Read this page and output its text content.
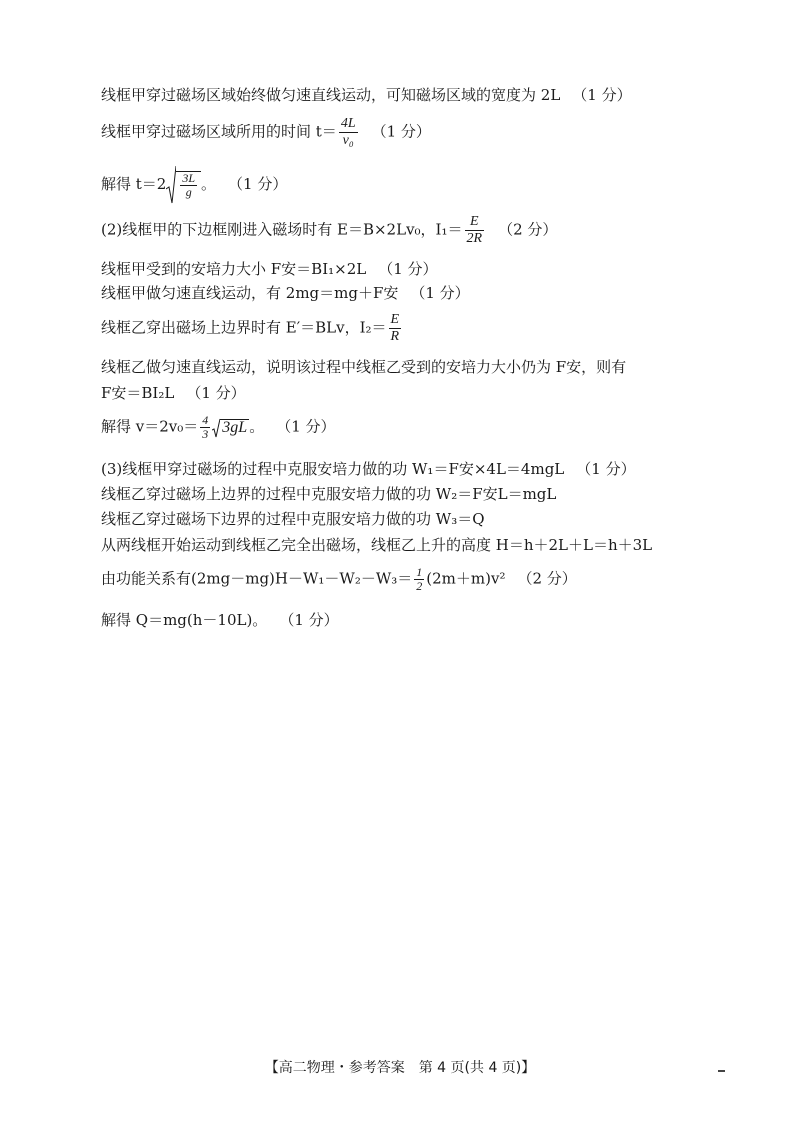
线框甲穿过磁场区域始终做匀速直线运动，可知磁场区域的宽度为 2L （1 分）
线框甲穿过磁场区域所用的时间 $t= \frac{4L}{\text{v₀}} (1$ 分）
解得 $t=2 \frac{3L}{g}$ 。 （1 分）
(2)线框甲的下边框刚进入磁场时有 E＝B×2Lv₀，$I_1= \frac{E}{2R} (2$ 分）
线框甲受到的安培力大小 F安＝BI₁×2L （1 分）
线框甲做匀速直线运动，有 2mg＝mg＋F安 （1 分）
线框乙穿出磁场上边界时有 E′＝BLv，$I_2= \frac{E}{R}$
线框乙做匀速直线运动，说明该过程中线框乙受到的安培力大小仍为 F安，则有
F安＝BI₂L （1 分）
解得 $v=2v_0= \frac{4}{3} 3gL$ 。 （1 分）
(3)线框甲穿过磁场的过程中克服安培力做的功 W₁＝F安×4L＝4mgL （1 分）
线框乙穿过磁场上边界的过程中克服安培力做的功 W₂＝F安L＝mgL
线框乙穿过磁场下边界的过程中克服安培力做的功 W₃＝Q
从两线框开始运动到线框乙完全出磁场，线框乙上升的高度 H＝h＋2L＋L＝h＋3L
由功能关系有$(2mg-mg)H-W_1-W_2-W_3= \frac{1}{2} (2m+m)v^2$ （2 分）
解得 Q＝mg(h－10L)。 （1 分）
【高二物理・参考答案　第 4 页(共 4 页)】
